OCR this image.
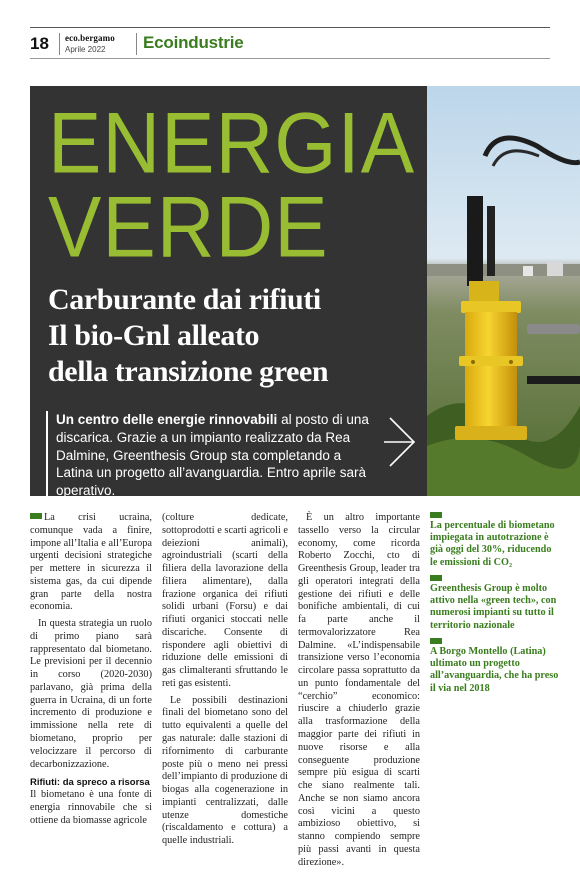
18 eco.bergamo
Aprile 2022 Ecoindustrie
ENERGIA
VERDE
Carburante dai rifiuti
Il bio-Gnl alleato
della transizione green
Un centro delle energie rinnovabili al posto di una discarica. Grazie a un impianto realizzato da Rea Dalmine, Greenthesis Group sta completando a Latina un progetto all’avanguardia. Entro aprile sarà operativo.

La crisi ucraina, comunque vada a finire, impone all’Italia e all’Europa urgenti decisioni strategiche per mettere in sicurezza il sistema gas, da cui dipende gran parte della nostra economia.

In questa strategia un ruolo di primo piano sarà rappresentato dal biometano. Le previsioni per il decennio in corso (2020-2030) parlavano, già prima della guerra in Ucraina, di un forte incremento di produzione e immissione nella rete di biometano, proprio per velocizzare il percorso di decarbonizzazione.

Rifiuti: da spreco a risorsa

Il biometano è una fonte di energia rinnovabile che si ottiene da biomasse agricole

(colture dedicate, sottoprodotti e scarti agricoli e deiezioni animali), agroindustriali (scarti della filiera della lavorazione della filiera alimentare), dalla frazione organica dei rifiuti solidi urbani (Forsu) e dai rifiuti organici stoccati nelle discariche. Consente di rispondere agli obiettivi di riduzione delle emissioni di gas climalteranti sfruttando le reti gas esistenti.

Le possibili destinazioni finali del biometano sono del tutto equivalenti a quelle del gas naturale: dalle stazioni di rifornimento di carburante poste più o meno nei pressi dell’impianto di produzione di biogas alla cogenerazione in impianti centralizzati, dalle utenze domestiche (riscaldamento e cottura) a quelle industriali.

È un altro importante tassello verso la circular economy, come ricorda Roberto Zocchi, cto di Greenthesis Group, leader tra gli operatori integrati della gestione dei rifiuti e delle bonifiche ambientali, di cui fa parte anche il termovalorizzatore Rea Dalmine. «L’indispensabile transizione verso l’economia circolare passa soprattutto da un punto fondamentale del “cerchio” economico: riuscire a chiuderlo grazie alla trasformazione della maggior parte dei rifiuti in nuove risorse e alla conseguente produzione sempre più esigua di scarti che siano realmente tali. Anche se non siamo ancora così vicini a questo ambizioso obiettivo, si stanno compiendo sempre più passi avanti in questa direzione».

La percentuale di biometano impiegata in autotrazione è già oggi del 30%, riducendo le emissioni di CO₂
Greenthesis Group è molto attivo nella «green tech», con numerosi impianti su tutto il territorio nazionale
A Borgo Montello (Latina) ultimato un progetto all’avanguardia, che ha preso il via nel 2018
